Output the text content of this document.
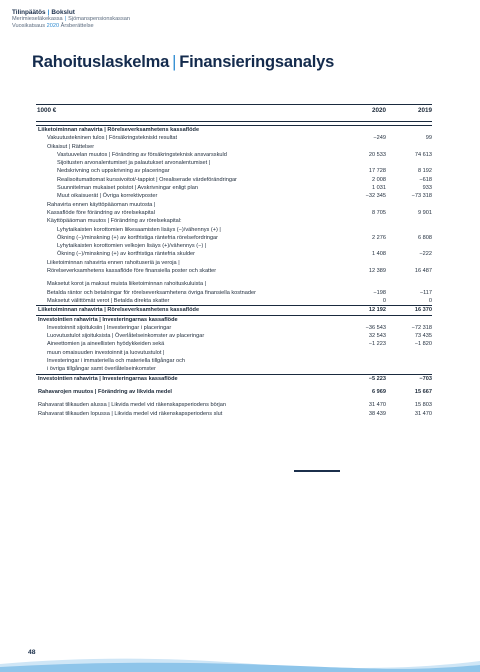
Tilinpäätös | Bokslut
Merimieseläkekassa | Sjömanspensionskassan
Vuosikatsaus 2020 Årsberättelse
Rahoituslaskelma | Finansieringsanalys
1000 €	2020	2019
Liiketoiminnan rahavirta | Rörelseverksamhetens kassaflöde
Vakuutustekninen tulos | Försäkringstekniskt resultat	−249	99
Oikaisut | Rättelser
Vastuuvelan muutos | Förändring av försäkringsteknisk ansvarsskuld	20 533	74 613
Sijoitusten arvonalentumiset ja palautukset arvonalentumiset |
Nedskrivning och uppskrivning av placeringar	17 728	8 192
Realisoitumattomat kurssivoitot/-tappiot | Orealiserade värdeförändringar	2 008	−618
Suunnitelman mukaiset poistot | Avskrivningar enligt plan	1 031	933
Muut oikaisuerät | Övriga korrektivposter	−32 345	−73 318
Rahavirta ennen käyttöpääoman muutosta |
Kassaflöde före förändring av rörelsekapital	8 705	9 901
Käyttöpääoman muutos | Förändring av rörelsekapital:
Lyhytaikaisten korottomien liikesaamisten lisäys (−)/vähennys (+) |
Ökning (−)/minskning (+) av kortfristiga räntefria rörelsefordringar	2 276	6 808
Lyhytaikaisten korottomien velkojen lisäys (+)/vähennys (−) |
Ökning (−)/minskning (+) av kortfristiga räntefria skulder	1 408	−222
Liiketoiminnan rahavirta ennen rahoituseriä ja veroja |
Rörelseverksamhetens kassaflöde före finansiella poster och skatter	12 389	16 487
Maksetut korot ja maksut muista liiketoiminnan rahoituskuluista |
Betalda räntor och betalningar för rörelseverksamhetens övriga finansiella kostnader	−198	−117
Maksetut välittömät verot | Betalda direkta skatter	0	0
Liiketoiminnan rahavirta | Rörelseverksamhetens kassaflöde	12 192	16 370
Investointien rahavirta | Investeringarnas kassaflöde
Investoinnit sijoituksiin | Investeringar i placeringar	−36 543	−72 318
Luovutustulot sijoituksista | Överlåtelseinkomster av placeringar	32 543	73 435
Aineettomien ja aineellisten hyödykkeiden sekä	−1 223	−1 820
muun omaisuuden investoinnit ja luovutustulot |
Investeringar i immateriella och materiella tillgångar och
i övriga tillgångar samt överlåtelseinkomster
Investointien rahavirta | Investeringarnas kassaflöde	−5 223	−703
Rahavarojen muutos | Förändring av likvida medel	6 969	15 667
Rahavarat tilikauden alussa | Likvida medel vid räkenskapsperiodens början	31 470	15 803
Rahavarat tilikauden lopussa | Likvida medel vid räkenskapsperiodens slut	38 439	31 470
48
